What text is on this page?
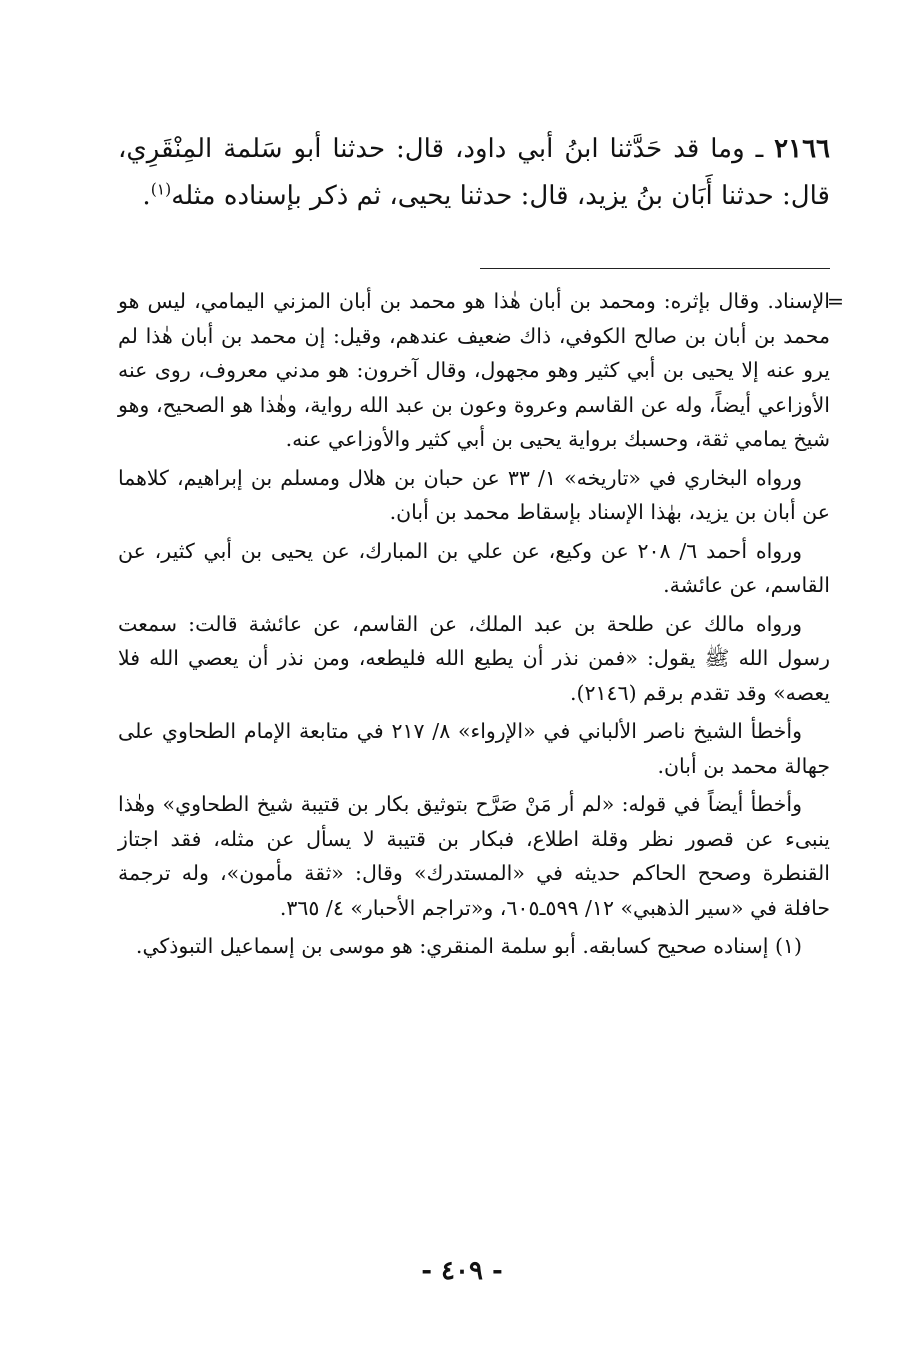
٢١٦٦ ـ وما قد حَدَّثنا ابنُ أبي داود، قال: حدثنا أبو سَلمة المِنْقَرِي، قال: حدثنا أَبَان بنُ يزيد، قال: حدثنا يحيى، ثم ذكر بإسناده مثله$^{(١)}$.

=
الإسناد. وقال بإثره: ومحمد بن أبان هٰذا هو محمد بن أبان المزني اليمامي، ليس هو محمد بن أبان بن صالح الكوفي، ذاك ضعيف عندهم، وقيل: إن محمد بن أبان هٰذا لم يرو عنه إلا يحيى بن أبي كثير وهو مجهول، وقال آخرون: هو مدني معروف، روى عنه الأوزاعي أيضاً، وله عن القاسم وعروة وعون بن عبد الله رواية، وهٰذا هو الصحيح، وهو شيخ يمامي ثقة، وحسبك برواية يحيى بن أبي كثير والأوزاعي عنه.

ورواه البخاري في «تاريخه» ١/ ٣٣ عن حبان بن هلال ومسلم بن إبراهيم، كلاهما عن أبان بن يزيد، بهٰذا الإسناد بإسقاط محمد بن أبان.

ورواه أحمد ٦/ ٢٠٨ عن وكيع، عن علي بن المبارك، عن يحيى بن أبي كثير، عن القاسم، عن عائشة.

ورواه مالك عن طلحة بن عبد الملك، عن القاسم، عن عائشة قالت: سمعت رسول الله ﷺ يقول: «فمن نذر أن يطيع الله فليطعه، ومن نذر أن يعصي الله فلا يعصه» وقد تقدم برقم (٢١٤٦).

وأخطأ الشيخ ناصر الألباني في «الإرواء» ٨/ ٢١٧ في متابعة الإمام الطحاوي على جهالة محمد بن أبان.

وأخطأ أيضاً في قوله: «لم أر مَنْ صَرَّح بتوثيق بكار بن قتيبة شيخ الطحاوي» وهٰذا ينبىء عن قصور نظر وقلة اطلاع، فبكار بن قتيبة لا يسأل عن مثله، فقد اجتاز القنطرة وصحح الحاكم حديثه في «المستدرك» وقال: «ثقة مأمون»، وله ترجمة حافلة في «سير الذهبي» ١٢/ ٥٩٩ـ٦٠٥، و«تراجم الأحبار» ٤/ ٣٦٥.

(١) إسناده صحيح كسابقه. أبو سلمة المنقري: هو موسى بن إسماعيل التبوذكي.

- ٤٠٩ -
